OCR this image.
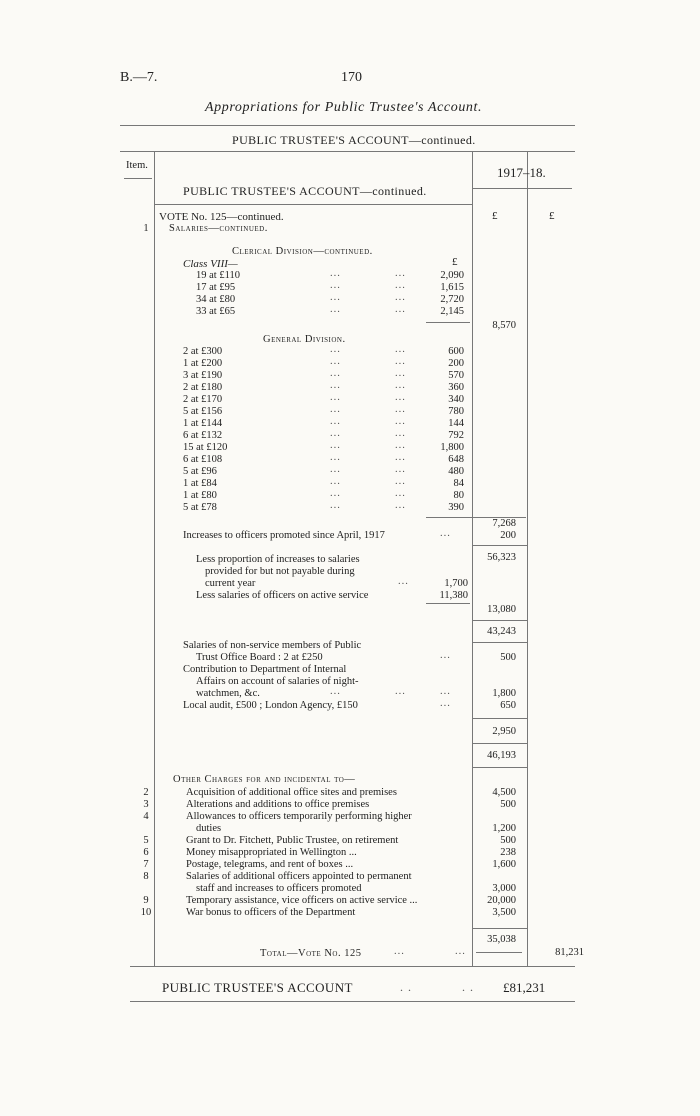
B.—7.	170
Appropriations for Public Trustee's Account.
PUBLIC TRUSTEE'S ACCOUNT—continued.
Item.	1917–18.
PUBLIC TRUSTEE'S ACCOUNT—continued.
VOTE No. 125—continued.	£	£
1	Salaries—continued.
Clerical Division—continued.
£
Class VIII—
19 at £110	...	...	2,090
17 at £95	...	...	1,615
34 at £80	...	...	2,720
33 at £65	...	...	2,145
8,570
General Division.
2 at £300	...	...	600
1 at £200	...	...	200
3 at £190	...	...	570
2 at £180	...	...	360
2 at £170	...	...	340
5 at £156	...	...	780
1 at £144	...	...	144
6 at £132	...	...	792
15 at £120	...	...	1,800
6 at £108	...	...	648
5 at £96	...	...	480
1 at £84	...	...	84
1 at £80	...	...	80
5 at £78	...	...	390
7,268
Increases to officers promoted since April, 1917	...	200
56,323
Less proportion of increases to salaries
provided for but not payable during
current year	...	1,700
Less salaries of officers on active service	11,380
13,080
43,243
Salaries of non-service members of Public
Trust Office Board : 2 at £250	...	500
Contribution to Department of Internal
Affairs on account of salaries of night-
watchmen, &c.	...	...	...	1,800
Local audit, £500 ; London Agency, £150	...	650
2,950
46,193
Other Charges for and incidental to—
2	Acquisition of additional office sites and premises	4,500
3	Alterations and additions to office premises	500
4	Allowances to officers temporarily performing higher
duties	1,200
5	Grant to Dr. Fitchett, Public Trustee, on retirement	500
6	Money misappropriated in Wellington ...	238
7	Postage, telegrams, and rent of boxes ...	1,600
8	Salaries of additional officers appointed to permanent
staff and increases to officers promoted	3,000
9	Temporary assistance, vice officers on active service ...	20,000
10	War bonus to officers of the Department	3,500
35,038
Total—Vote No. 125	...	...	81,231
PUBLIC TRUSTEE'S ACCOUNT	. .	. . £81,231
